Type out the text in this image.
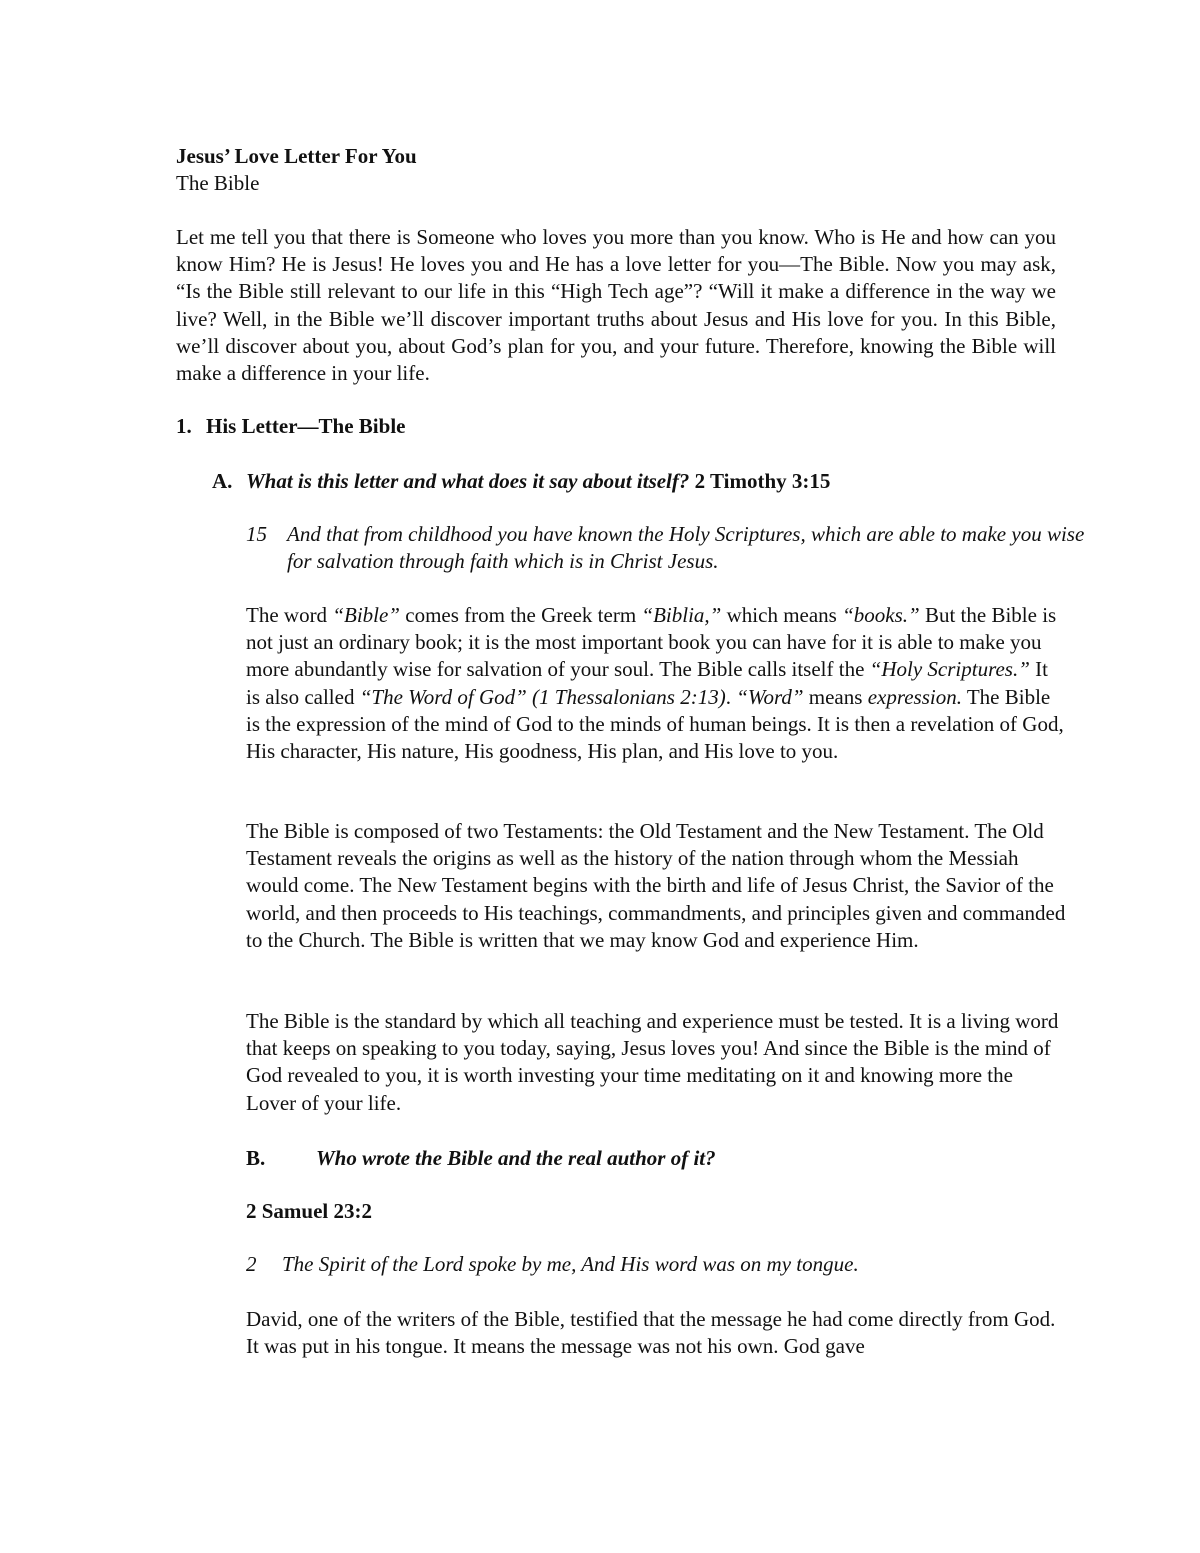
Jesus’ Love Letter For You
The Bible

Let me tell you that there is Someone who loves you more than you know. Who is He and how can you know Him? He is Jesus! He loves you and He has a love letter for you—The Bible. Now you may ask, “Is the Bible still relevant to our life in this “High Tech age”? “Will it make a difference in the way we live? Well, in the Bible we’ll discover important truths about Jesus and His love for you. In this Bible, we’ll discover about you, about God’s plan for you, and your future. Therefore, knowing the Bible will make a difference in your life.

1. His Letter—The Bible
A. What is this letter and what does it say about itself? 2 Timothy 3:15
15 And that from childhood you have known the Holy Scriptures, which are able to make you wise for salvation through faith which is in Christ Jesus.

The word “Bible” comes from the Greek term “Biblia,” which means “books.” But the Bible is not just an ordinary book; it is the most important book you can have for it is able to make you more abundantly wise for salvation of your soul. The Bible calls itself the “Holy Scriptures.” It is also called “The Word of God” (1 Thessalonians 2:13). “Word” means expression. The Bible is the expression of the mind of God to the minds of human beings. It is then a revelation of God, His character, His nature, His goodness, His plan, and His love to you.

The Bible is composed of two Testaments: the Old Testament and the New Testament. The Old Testament reveals the origins as well as the history of the nation through whom the Messiah would come. The New Testament begins with the birth and life of Jesus Christ, the Savior of the world, and then proceeds to His teachings, commandments, and principles given and commanded to the Church. The Bible is written that we may know God and experience Him.

The Bible is the standard by which all teaching and experience must be tested. It is a living word that keeps on speaking to you today, saying, Jesus loves you! And since the Bible is the mind of God revealed to you, it is worth investing your time meditating on it and knowing more the Lover of your life.

B. Who wrote the Bible and the real author of it?
2 Samuel 23:2
2 The Spirit of the Lord spoke by me, And His word was on my tongue.

David, one of the writers of the Bible, testified that the message he had come directly from God. It was put in his tongue. It means the message was not his own. God gave
